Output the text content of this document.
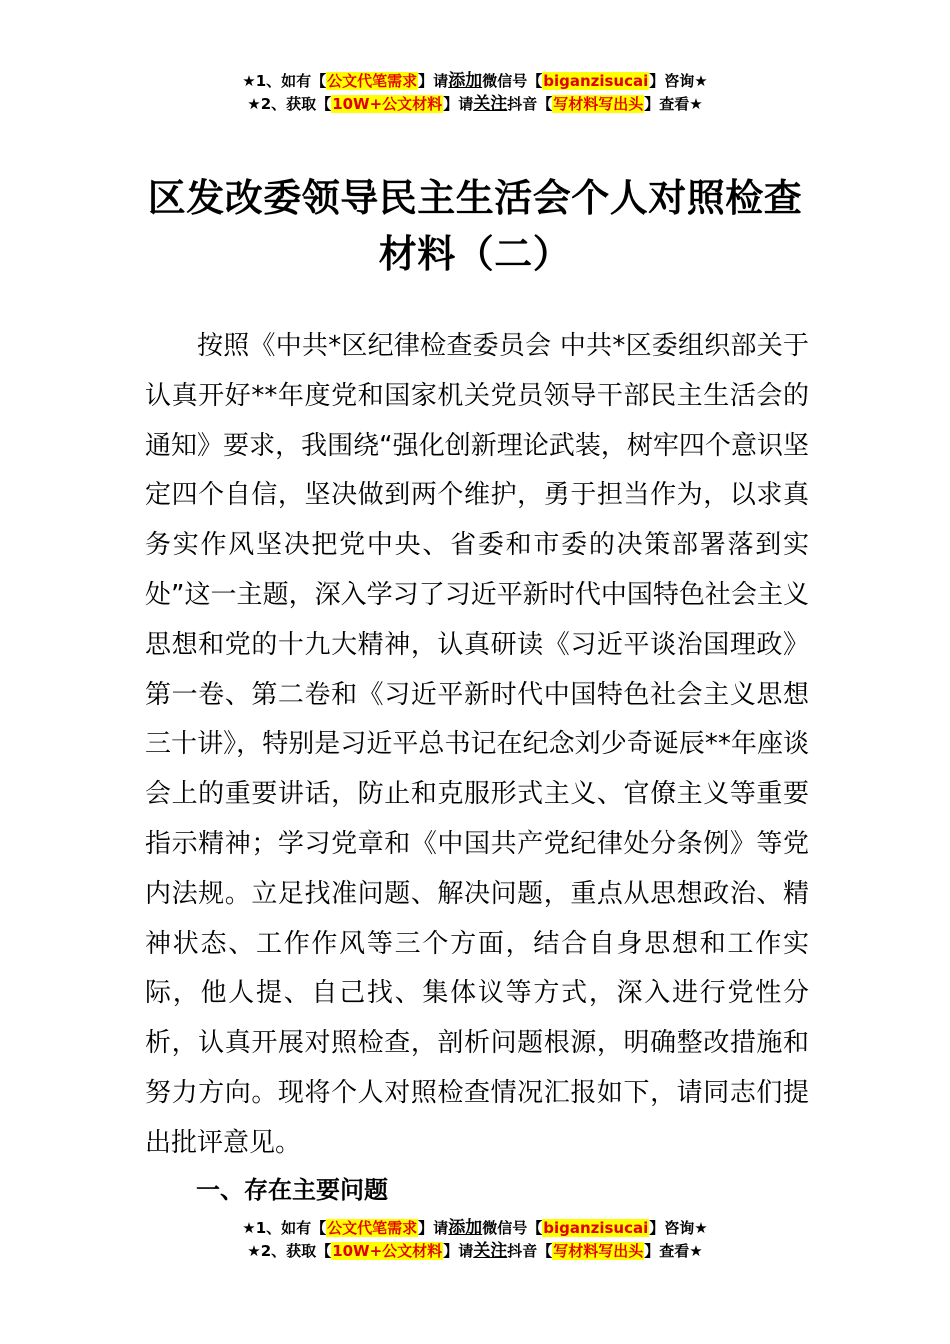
★1、如有【公文代笔需求】请添加微信号【biganzisucai】咨询★
★2、获取【10W+公文材料】请关注抖音【写材料写出头】查看★
区发改委领导民主生活会个人对照检查材料（二）

按照《中共*区纪律检查委员会 中共*区委组织部关于认真开好**年度党和国家机关党员领导干部民主生活会的通知》要求，我围绕“强化创新理论武装，树牢四个意识坚定四个自信，坚决做到两个维护，勇于担当作为，以求真务实作风坚决把党中央、省委和市委的决策部署落到实处”这一主题，深入学习了习近平新时代中国特色社会主义思想和党的十九大精神，认真研读《习近平谈治国理政》第一卷、第二卷和《习近平新时代中国特色社会主义思想三十讲》，特别是习近平总书记在纪念刘少奇诞辰**年座谈会上的重要讲话，防止和克服形式主义、官僚主义等重要指示精神；学习党章和《中国共产党纪律处分条例》等党内法规。立足找准问题、解决问题，重点从思想政治、精神状态、工作作风等三个方面，结合自身思想和工作实际，他人提、自己找、集体议等方式，深入进行党性分析，认真开展对照检查，剖析问题根源，明确整改措施和努力方向。现将个人对照检查情况汇报如下，请同志们提出批评意见。

一、存在主要问题
★1、如有【公文代笔需求】请添加微信号【biganzisucai】咨询★
★2、获取【10W+公文材料】请关注抖音【写材料写出头】查看★
